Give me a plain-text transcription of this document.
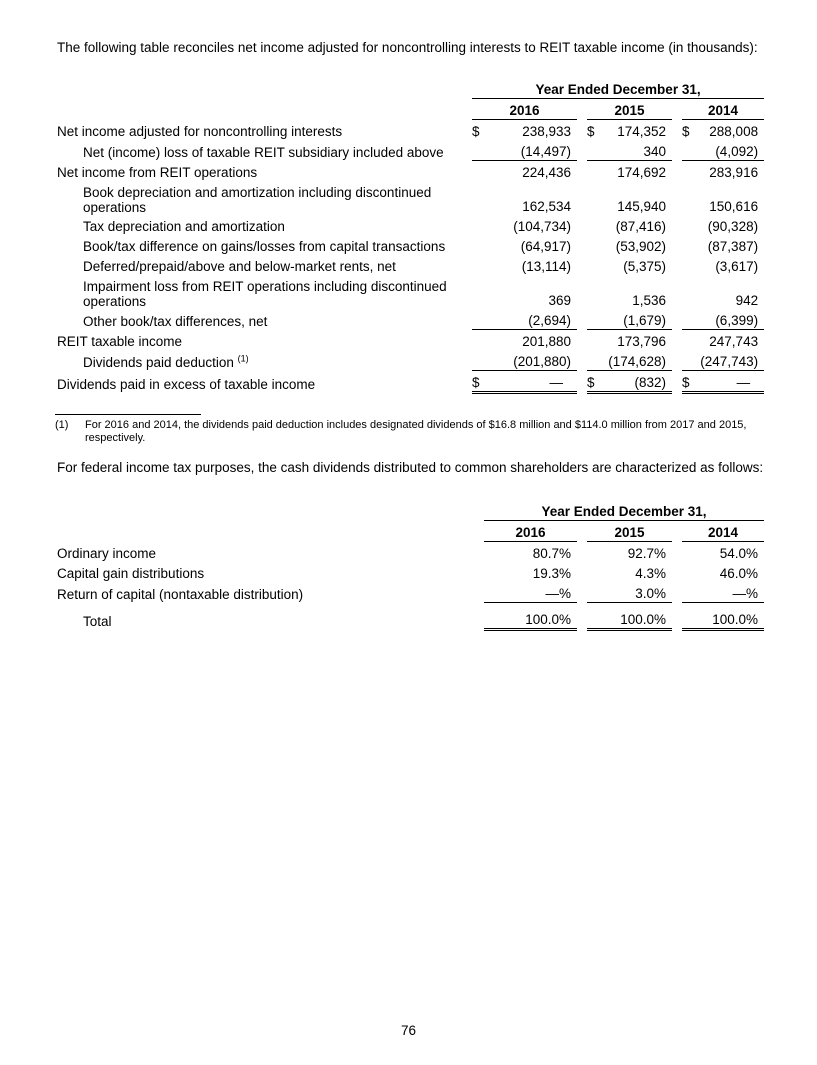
The following table reconciles net income adjusted for noncontrolling interests to REIT taxable income (in thousands):
	Year Ended December 31,							
	2016			2015			2014	
Net income adjusted for noncontrolling interests	$	238,933		$	174,352		$	288,008
Net (income) loss of taxable REIT subsidiary included above		(14,497)			340			(4,092)
Net income from REIT operations		224,436			174,692			283,916
Book depreciation and amortization including discontinued operations		162,534			145,940			150,616
Tax depreciation and amortization		(104,734)			(87,416)			(90,328)
Book/tax difference on gains/losses from capital transactions		(64,917)			(53,902)			(87,387)
Deferred/prepaid/above and below-market rents, net		(13,114)			(5,375)			(3,617)
Impairment loss from REIT operations including discontinued operations		369			1,536			942
Other book/tax differences, net		(2,694)			(1,679)			(6,399)
REIT taxable income		201,880			173,796			247,743
Dividends paid deduction $^{(1)}$		(201,880)			(174,628)			(247,743)
Dividends paid in excess of taxable income	$	—		$	(832)		$	—
(1) For 2016 and 2014, the dividends paid deduction includes designated dividends of $16.8 million and $114.0 million from 2017 and 2015, respectively.
For federal income tax purposes, the cash dividends distributed to common shareholders are characterized as follows:
	Year Ended December 31,				
	2016		2015		2014
Ordinary income	80.7%		92.7%		54.0%
Capital gain distributions	19.3%		4.3%		46.0%
Return of capital (nontaxable distribution)	—%		3.0%		—%
Total	100.0%		100.0%		100.0%
76
